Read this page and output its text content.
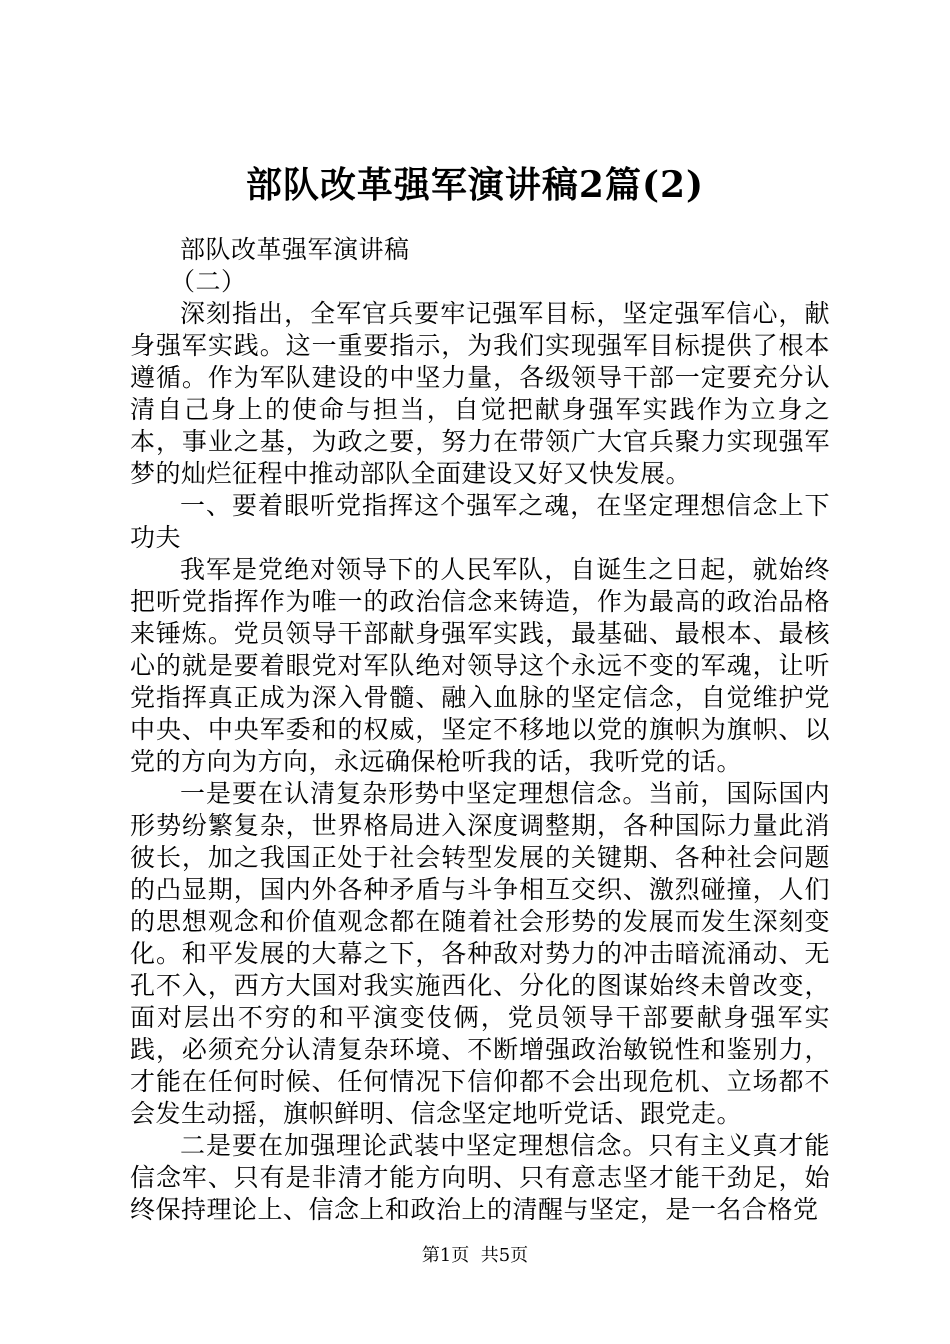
部队改革强军演讲稿2篇(2)

部队改革强军演讲稿

（二）

深刻指出，全军官兵要牢记强军目标，坚定强军信心，献身强军实践。这一重要指示，为我们实现强军目标提供了根本遵循。作为军队建设的中坚力量，各级领导干部一定要充分认清自己身上的使命与担当，自觉把献身强军实践作为立身之本，事业之基，为政之要，努力在带领广大官兵聚力实现强军梦的灿烂征程中推动部队全面建设又好又快发展。

一、要着眼听党指挥这个强军之魂，在坚定理想信念上下功夫

我军是党绝对领导下的人民军队，自诞生之日起，就始终把听党指挥作为唯一的政治信念来铸造，作为最高的政治品格来锤炼。党员领导干部献身强军实践，最基础、最根本、最核心的就是要着眼党对军队绝对领导这个永远不变的军魂，让听党指挥真正成为深入骨髓、融入血脉的坚定信念，自觉维护党中央、中央军委和的权威，坚定不移地以党的旗帜为旗帜、以党的方向为方向，永远确保枪听我的话，我听党的话。

一是要在认清复杂形势中坚定理想信念。当前，国际国内形势纷繁复杂，世界格局进入深度调整期，各种国际力量此消彼长，加之我国正处于社会转型发展的关键期、各种社会问题的凸显期，国内外各种矛盾与斗争相互交织、激烈碰撞，人们的思想观念和价值观念都在随着社会形势的发展而发生深刻变化。和平发展的大幕之下，各种敌对势力的冲击暗流涌动、无孔不入，西方大国对我实施西化、分化的图谋始终未曾改变，面对层出不穷的和平演变伎俩，党员领导干部要献身强军实践，必须充分认清复杂环境、不断增强政治敏锐性和鉴别力，才能在任何时候、任何情况下信仰都不会出现危机、立场都不会发生动摇，旗帜鲜明、信念坚定地听党话、跟党走。

二是要在加强理论武装中坚定理想信念。只有主义真才能信念牢、只有是非清才能方向明、只有意志坚才能干劲足，始终保持理论上、信念上和政治上的清醒与坚定，是一名合格党

第1页  共5页
